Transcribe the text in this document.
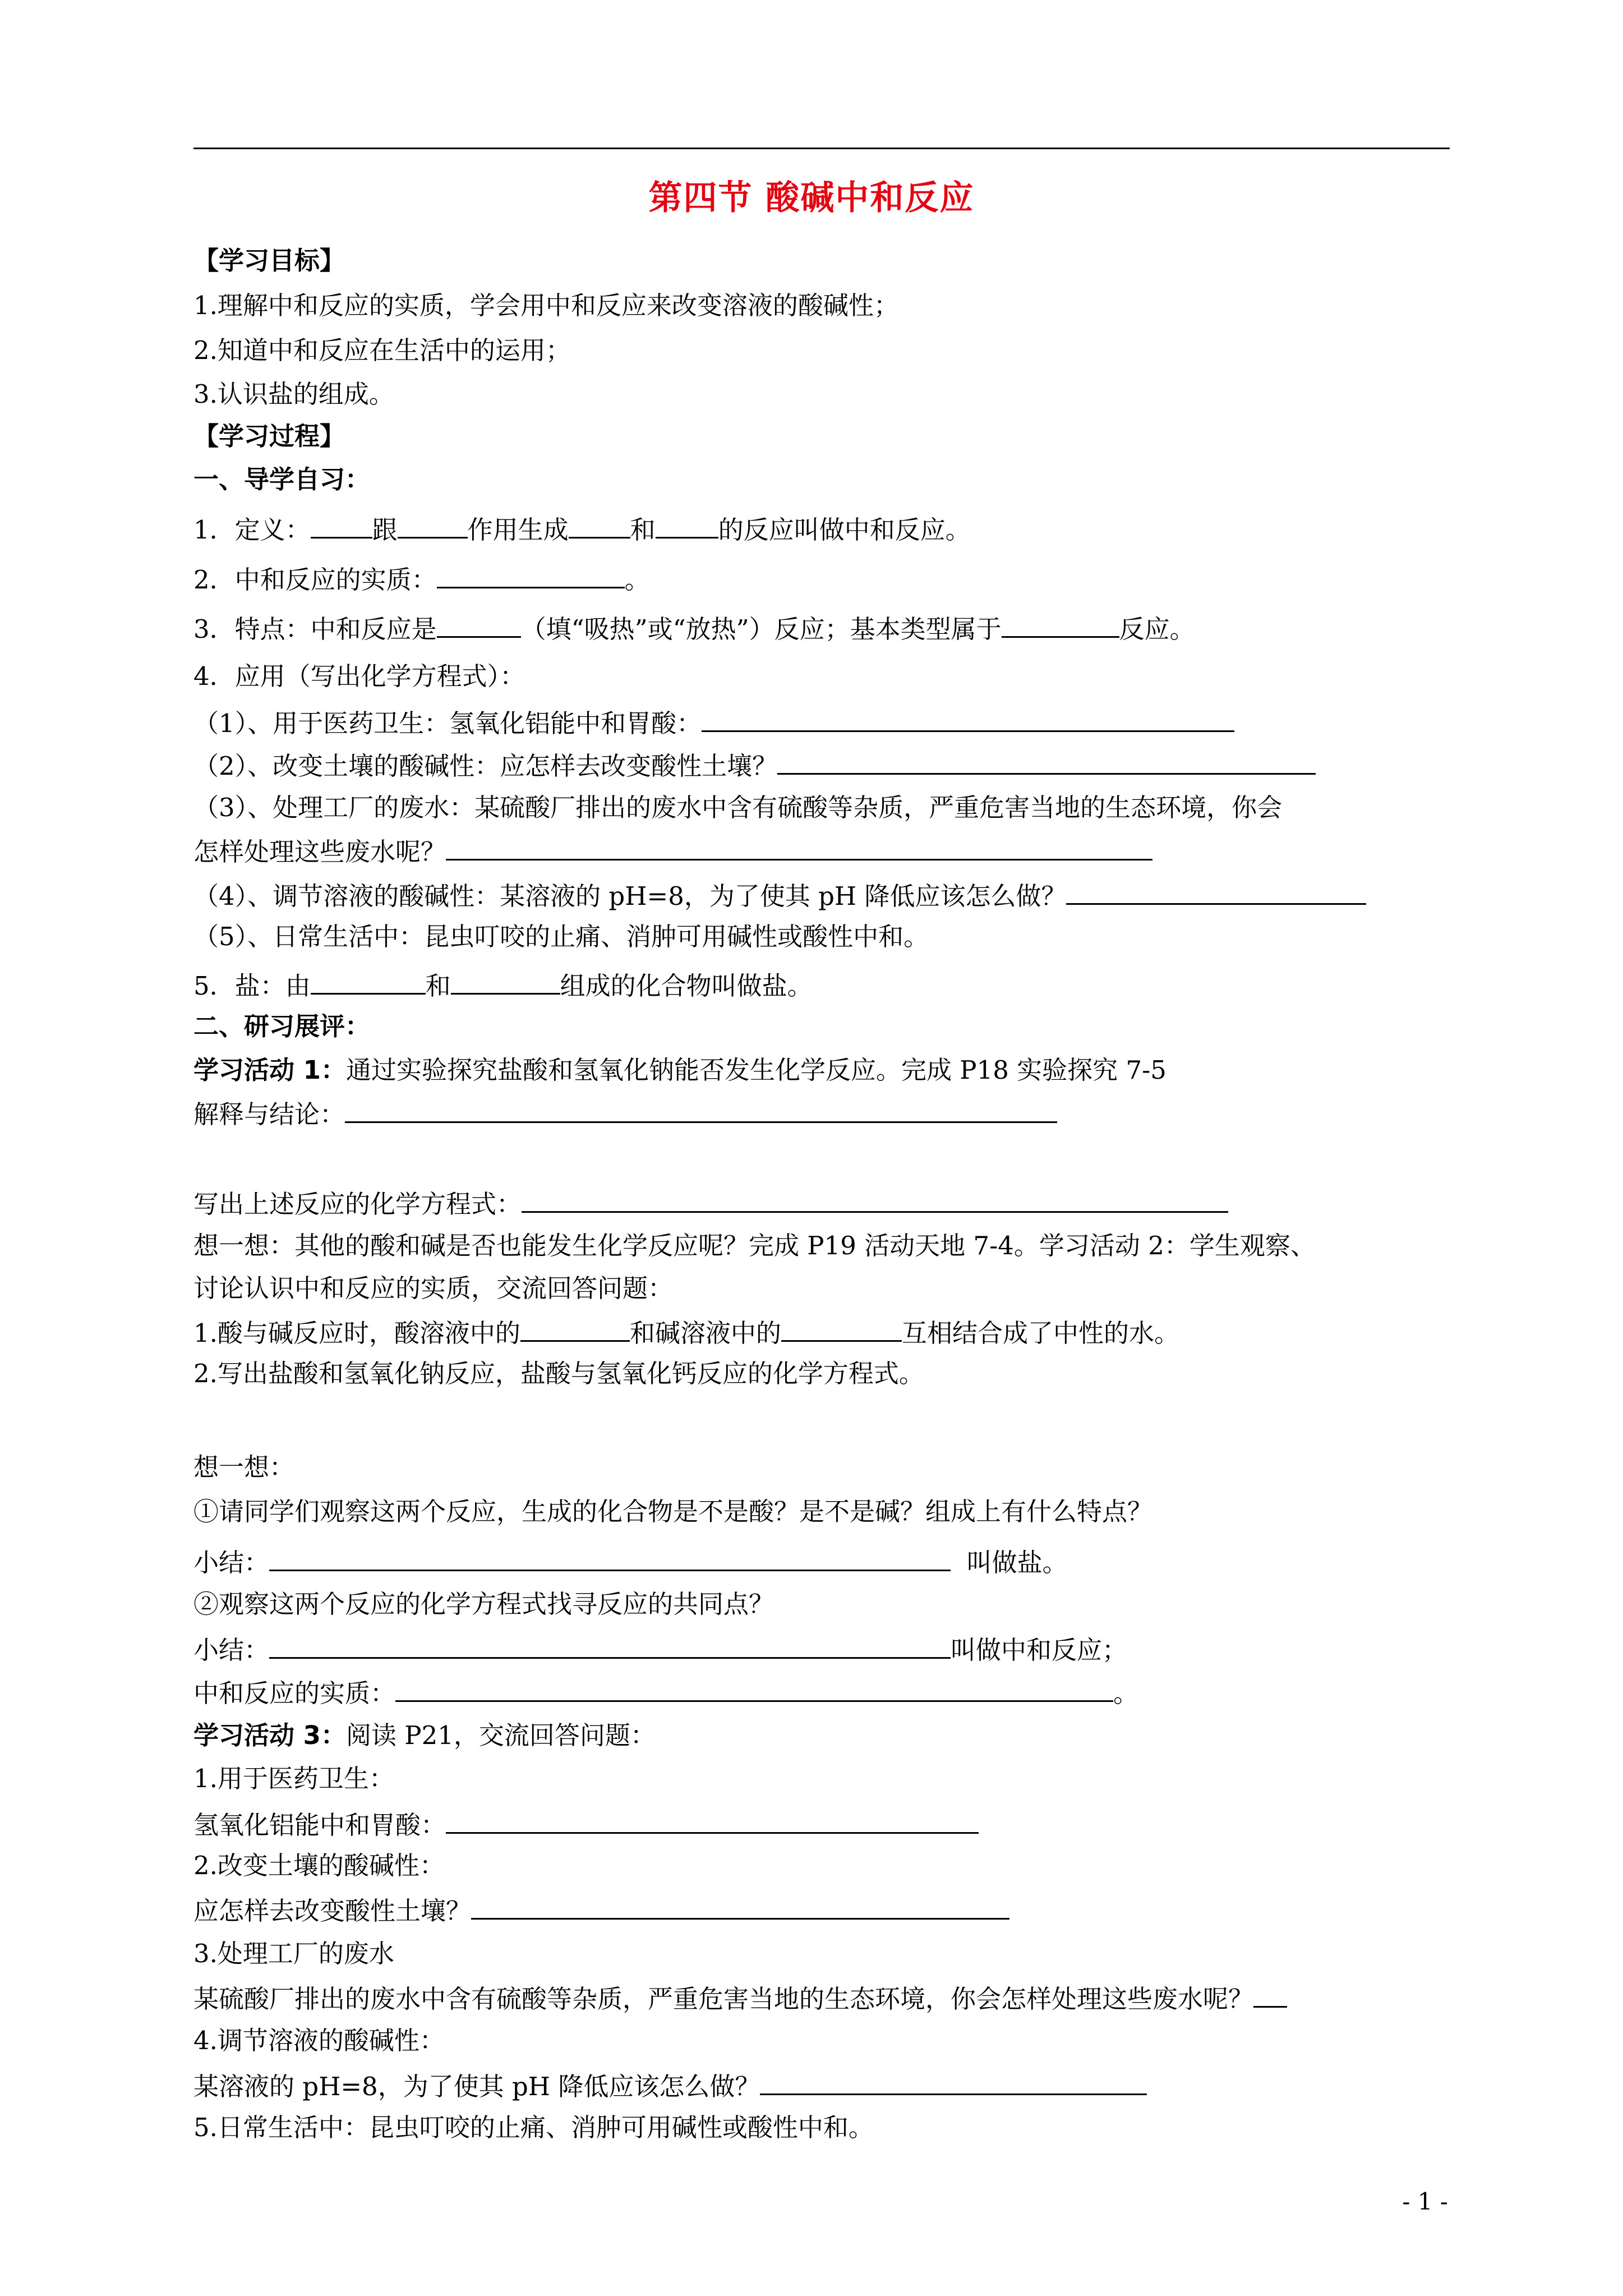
第四节 酸碱中和反应
【学习目标】
1.理解中和反应的实质，学会用中和反应来改变溶液的酸碱性；
2.知道中和反应在生活中的运用；
3.认识盐的组成。
【学习过程】
一、导学自习：
1．定义： 跟	作用生成 和 的反应叫做中和反应。
2．中和反应的实质：	。
3．特点：中和反应是	（填“吸热”或“放热”）反应；基本类型属于	反应。
4．应用（写出化学方程式）：
（1）、用于医药卫生：氢氧化铝能中和胃酸：
（2）、改变土壤的酸碱性：应怎样去改变酸性土壤？
（3）、处理工厂的废水：某硫酸厂排出的废水中含有硫酸等杂质，严重危害当地的生态环境，你会
怎样处理这些废水呢？
（4）、调节溶液的酸碱性：某溶液的 pH=8，为了使其 pH 降低应该怎么做？
（5）、日常生活中：昆虫叮咬的止痛、消肿可用碱性或酸性中和。
5．盐：由	和	组成的化合物叫做盐。
二、研习展评：
学习活动 1：通过实验探究盐酸和氢氧化钠能否发生化学反应。完成 P18 实验探究 7-5
解释与结论：
写出上述反应的化学方程式：
想一想：其他的酸和碱是否也能发生化学反应呢？完成 P19 活动天地 7-4。学习活动 2：学生观察、
讨论认识中和反应的实质，交流回答问题：
1.酸与碱反应时，酸溶液中的	和碱溶液中的	互相结合成了中性的水。
2.写出盐酸和氢氧化钠反应，盐酸与氢氧化钙反应的化学方程式。
想一想：
①请同学们观察这两个反应，生成的化合物是不是酸？是不是碱？组成上有什么特点？
小结：	叫做盐。
②观察这两个反应的化学方程式找寻反应的共同点？
小结：	叫做中和反应；
中和反应的实质：	。
学习活动 3：阅读 P21，交流回答问题：
1.用于医药卫生：
氢氧化铝能中和胃酸：
2.改变土壤的酸碱性：
应怎样去改变酸性土壤？
3.处理工厂的废水
某硫酸厂排出的废水中含有硫酸等杂质，严重危害当地的生态环境，你会怎样处理这些废水呢？
4.调节溶液的酸碱性：
某溶液的 pH=8，为了使其 pH 降低应该怎么做？
5.日常生活中：昆虫叮咬的止痛、消肿可用碱性或酸性中和。
- 1 -
